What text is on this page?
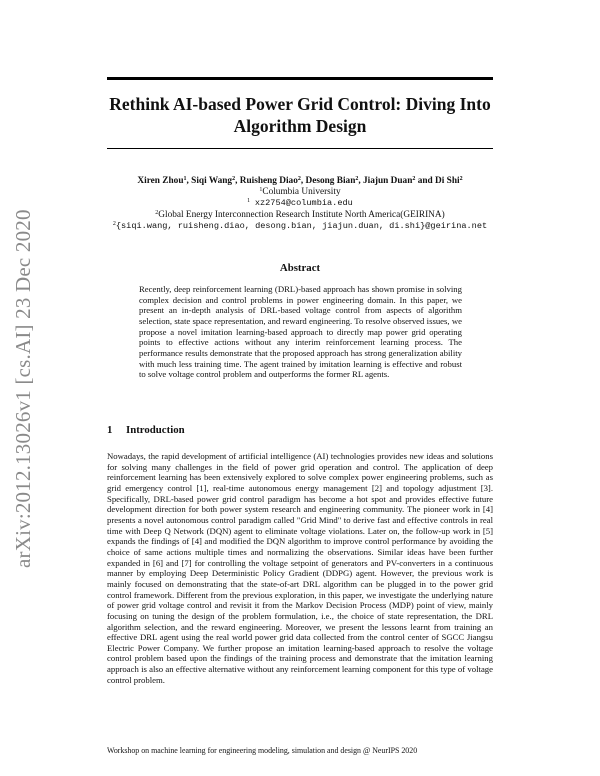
arXiv:2012.13026v1 [cs.AI] 23 Dec 2020
Rethink AI-based Power Grid Control: Diving Into
Algorithm Design
Xiren Zhou$^1$, Siqi Wang$^2$, Ruisheng Diao$^2$, Desong Bian$^2$, Jiajun Duan$^2$ and Di Shi$^2$
$^1$Columbia University
$^1$ xz2754@columbia.edu
$^2$Global Energy Interconnection Research Institute North America(GEIRINA)
$^2${siqi.wang, ruisheng.diao, desong.bian, jiajun.duan, di.shi}@geirina.net
Abstract
Recently, deep reinforcement learning (DRL)-based approach has shown promise in solving complex decision and control problems in power engineering domain. In this paper, we present an in-depth analysis of DRL-based voltage control from aspects of algorithm selection, state space representation, and reward engineering. To resolve observed issues, we propose a novel imitation learning-based approach to directly map power grid operating points to effective actions without any interim reinforcement learning process. The performance results demonstrate that the proposed approach has strong generalization ability with much less training time. The agent trained by imitation learning is effective and robust to solve voltage control problem and outperforms the former RL agents.
1 Introduction
Nowadays, the rapid development of artificial intelligence (AI) technologies provides new ideas and solutions for solving many challenges in the field of power grid operation and control. The application of deep reinforcement learning has been extensively explored to solve complex power engineering problems, such as grid emergency control [1], real-time autonomous energy management [2] and topology adjustment [3]. Specifically, DRL-based power grid control paradigm has become a hot spot and provides effective future development direction for both power system research and engineering community. The pioneer work in [4] presents a novel autonomous control paradigm called "Grid Mind" to derive fast and effective controls in real time with Deep Q Network (DQN) agent to eliminate voltage violations. Later on, the follow-up work in [5] expands the findings of [4] and modified the DQN algorithm to improve control performance by avoiding the choice of same actions multiple times and normalizing the observations. Similar ideas have been further expanded in [6] and [7] for controlling the voltage setpoint of generators and PV-converters in a continuous manner by employing Deep Deterministic Policy Gradient (DDPG) agent. However, the previous work is mainly focused on demonstrating that the state-of-art DRL algorithm can be plugged in to the power grid control framework. Different from the previous exploration, in this paper, we investigate the underlying nature of power grid voltage control and revisit it from the Markov Decision Process (MDP) point of view, mainly focusing on tuning the design of the problem formulation, i.e., the choice of state representation, the DRL algorithm selection, and the reward engineering. Moreover, we present the lessons learnt from training an effective DRL agent using the real world power grid data collected from the control center of SGCC Jiangsu Electric Power Company. We further propose an imitation learning-based approach to resolve the voltage control problem based upon the findings of the training process and demonstrate that the imitation learning approach is also an effective alternative without any reinforcement learning component for this type of voltage control problem.
Workshop on machine learning for engineering modeling, simulation and design @ NeurIPS 2020
